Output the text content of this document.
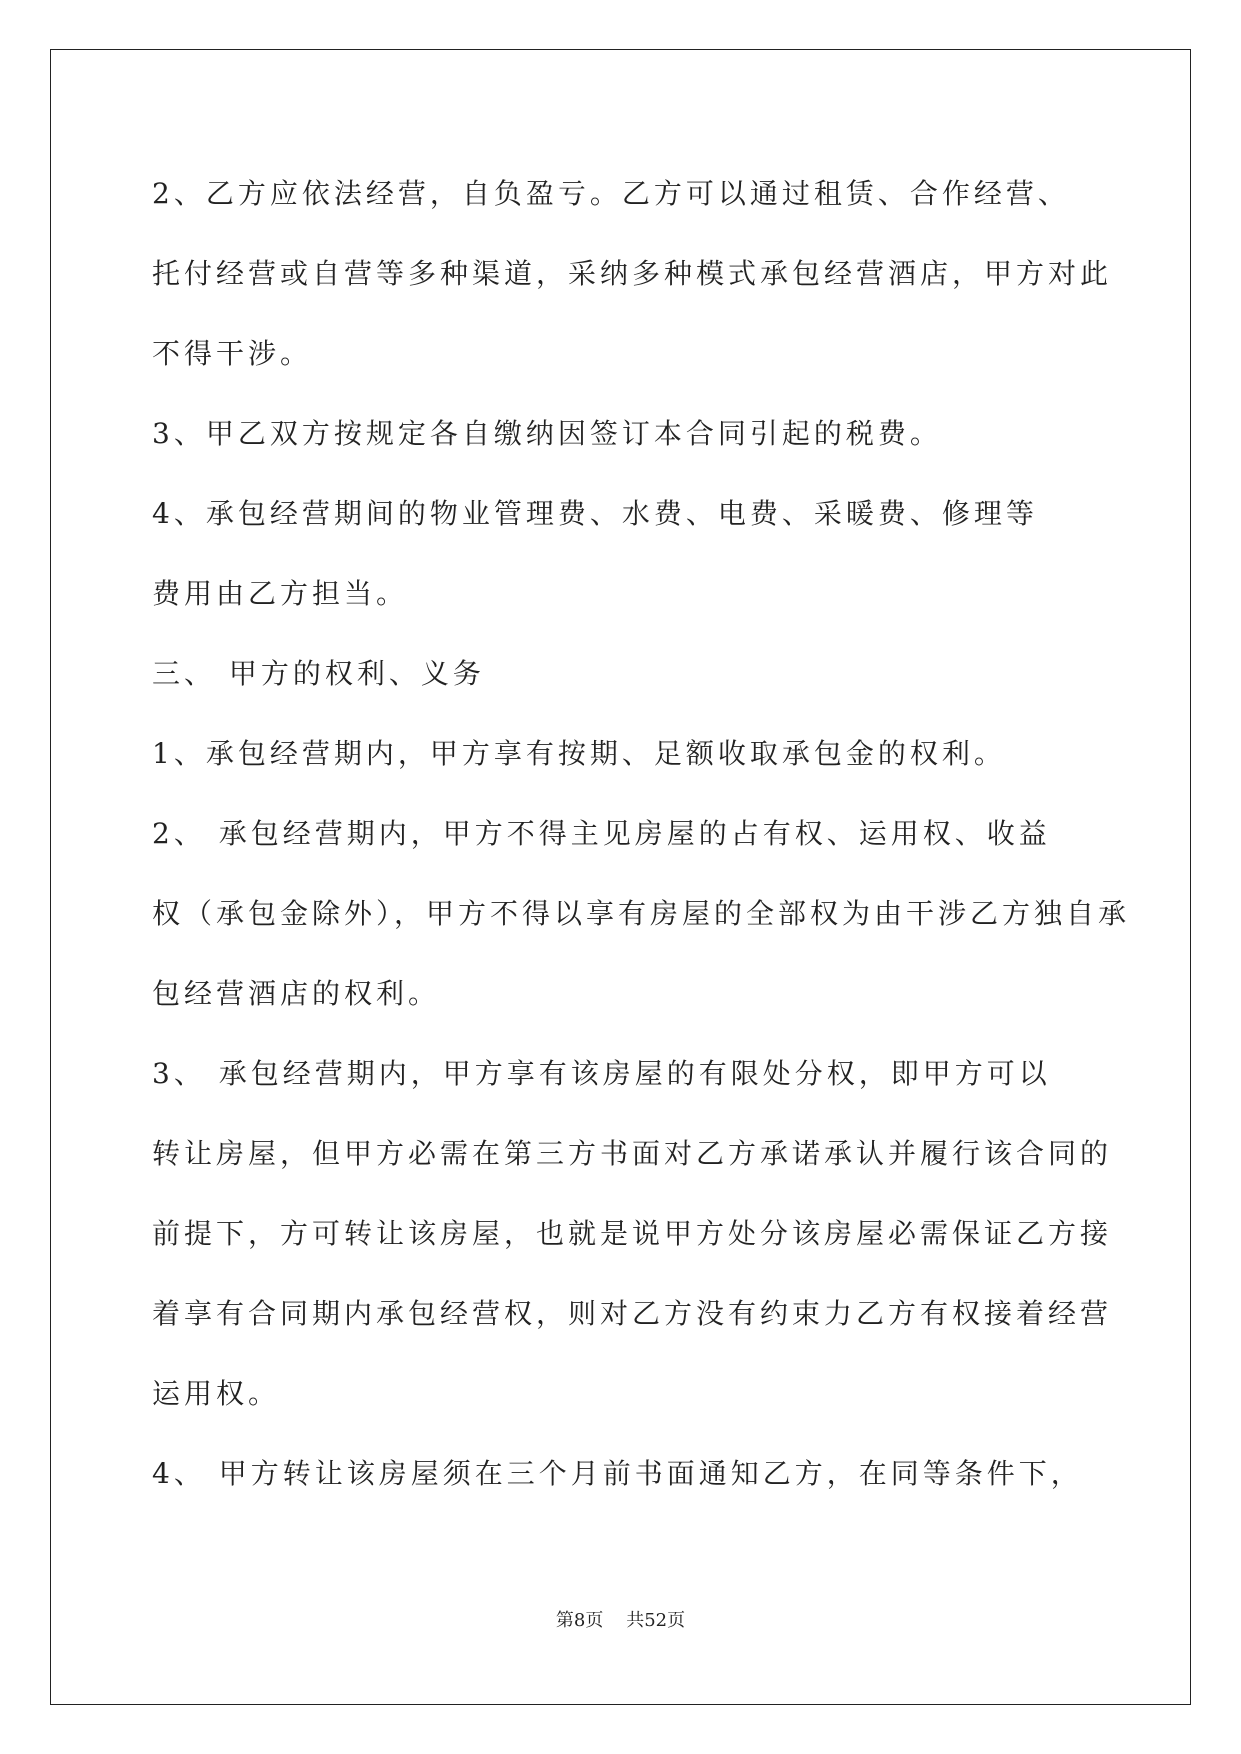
2、乙方应依法经营，自负盈亏。乙方可以通过租赁、合作经营、

托付经营或自营等多种渠道，采纳多种模式承包经营酒店，甲方对此

不得干涉。

3、甲乙双方按规定各自缴纳因签订本合同引起的税费。

4、承包经营期间的物业管理费、水费、电费、采暖费、修理等

费用由乙方担当。

三、 甲方的权利、义务

1、承包经营期内，甲方享有按期、足额收取承包金的权利。

2、 承包经营期内，甲方不得主见房屋的占有权、运用权、收益

权（承包金除外），甲方不得以享有房屋的全部权为由干涉乙方独自承

包经营酒店的权利。

3、 承包经营期内，甲方享有该房屋的有限处分权，即甲方可以

转让房屋，但甲方必需在第三方书面对乙方承诺承认并履行该合同的

前提下，方可转让该房屋，也就是说甲方处分该房屋必需保证乙方接

着享有合同期内承包经营权，则对乙方没有约束力乙方有权接着经营

运用权。

4、 甲方转让该房屋须在三个月前书面通知乙方，在同等条件下，

第8页    共52页
